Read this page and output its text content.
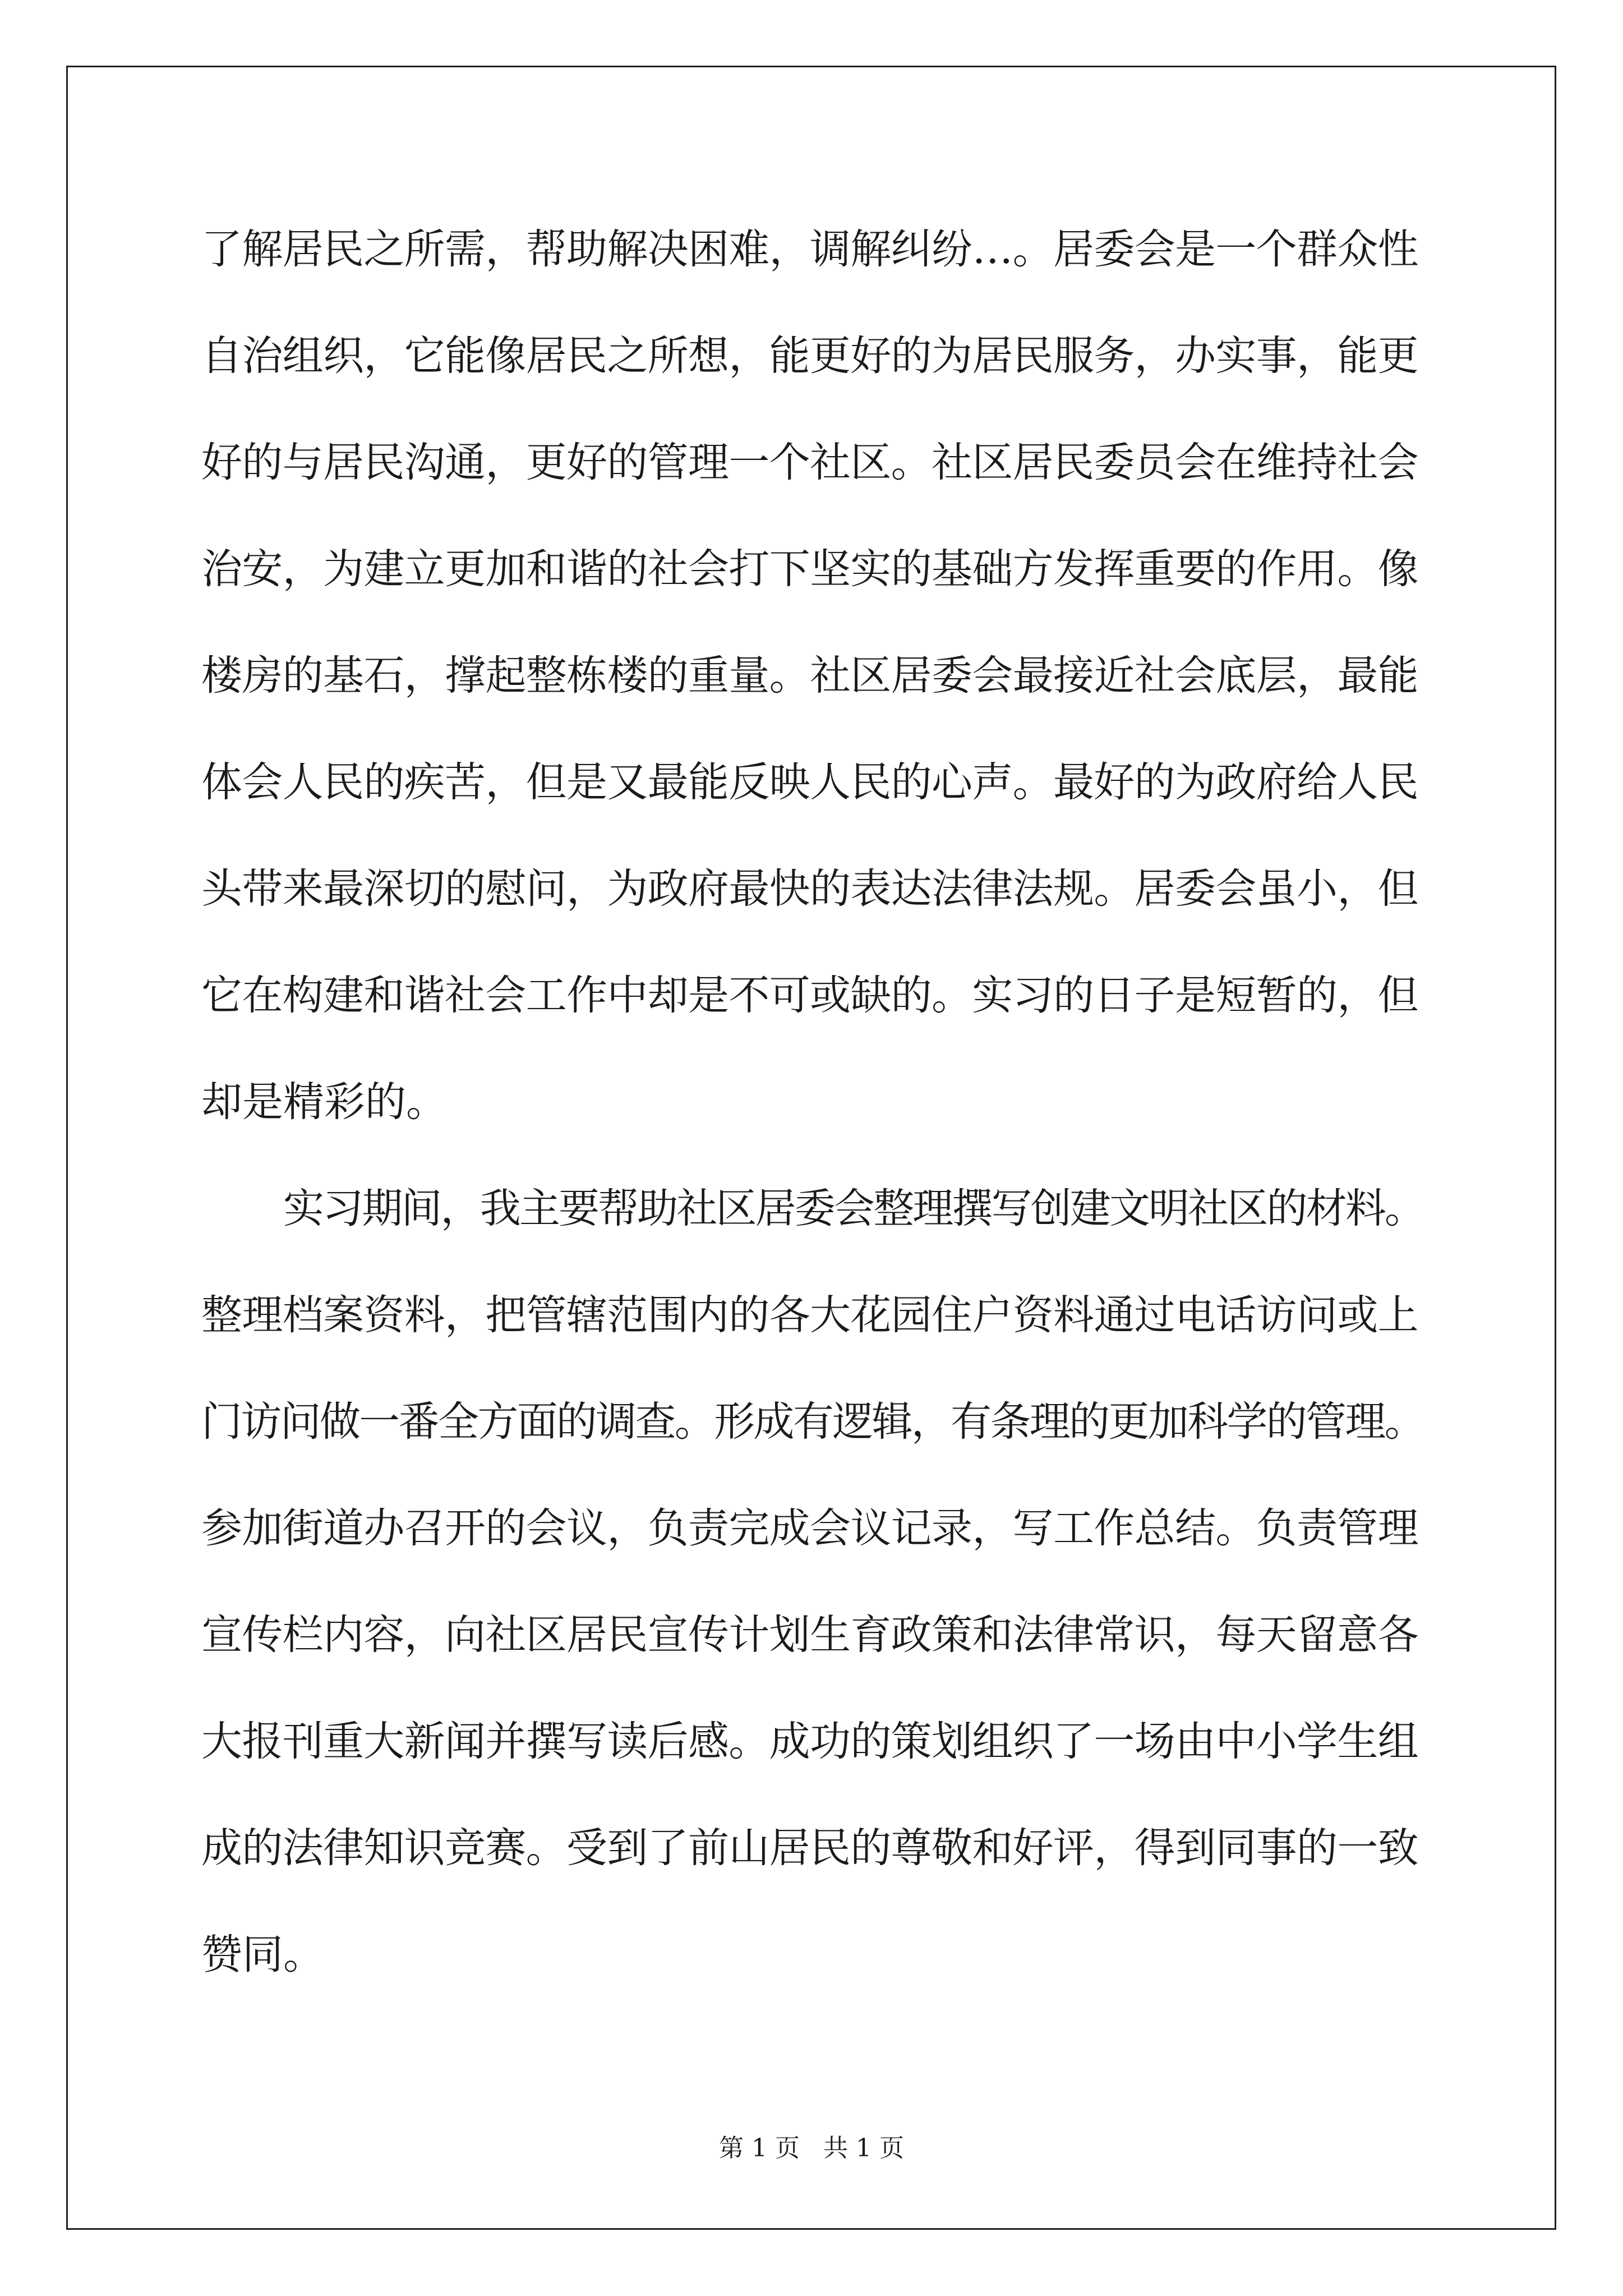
了解居民之所需，帮助解决困难，调解纠纷…。居委会是一个群众性
自治组织，它能像居民之所想，能更好的为居民服务，办实事，能更
好的与居民沟通，更好的管理一个社区。社区居民委员会在维持社会
治安，为建立更加和谐的社会打下坚实的基础方发挥重要的作用。像
楼房的基石，撑起整栋楼的重量。社区居委会最接近社会底层，最能
体会人民的疾苦，但是又最能反映人民的心声。最好的为政府给人民
头带来最深切的慰问，为政府最快的表达法律法规。居委会虽小，但
它在构建和谐社会工作中却是不可或缺的。实习的日子是短暂的，但
却是精彩的。
实习期间，我主要帮助社区居委会整理撰写创建文明社区的材料。
整理档案资料，把管辖范围内的各大花园住户资料通过电话访问或上
门访问做一番全方面的调查。形成有逻辑，有条理的更加科学的管理。
参加街道办召开的会议，负责完成会议记录，写工作总结。负责管理
宣传栏内容，向社区居民宣传计划生育政策和法律常识，每天留意各
大报刊重大新闻并撰写读后感。成功的策划组织了一场由中小学生组
成的法律知识竞赛。受到了前山居民的尊敬和好评，得到同事的一致
赞同。
第 1 页 共 1 页
